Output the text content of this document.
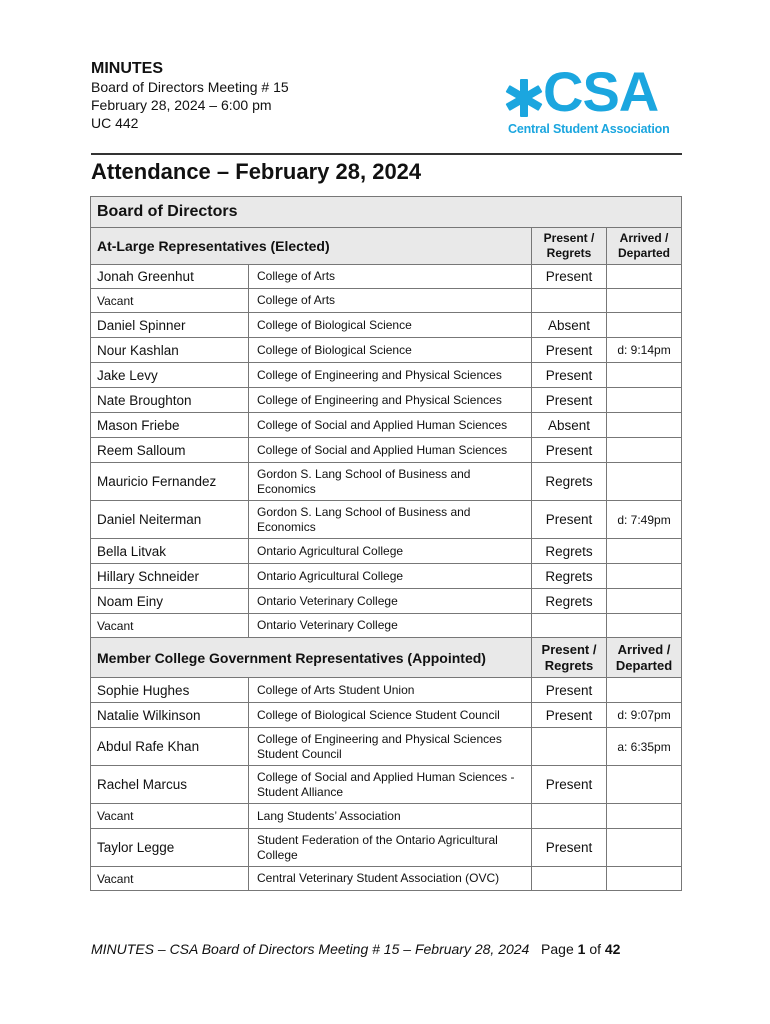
MINUTES
Board of Directors Meeting # 15
February 28, 2024 – 6:00 pm
UC 442	CSA
Central Student Association
Attendance – February 28, 2024
Board of Directors			
At-Large Representatives (Elected)		Present / Regrets	Arrived / Departed
Jonah Greenhut	College of Arts	Present	
Vacant	College of Arts		
Daniel Spinner	College of Biological Science	Absent	
Nour Kashlan	College of Biological Science	Present	d: 9:14pm
Jake Levy	College of Engineering and Physical Sciences	Present	
Nate Broughton	College of Engineering and Physical Sciences	Present	
Mason Friebe	College of Social and Applied Human Sciences	Absent	
Reem Salloum	College of Social and Applied Human Sciences	Present	
Mauricio Fernandez	Gordon S. Lang School of Business and Economics	Regrets	
Daniel Neiterman	Gordon S. Lang School of Business and Economics	Present	d: 7:49pm
Bella Litvak	Ontario Agricultural College	Regrets	
Hillary Schneider	Ontario Agricultural College	Regrets	
Noam Einy	Ontario Veterinary College	Regrets	
Vacant	Ontario Veterinary College		
Member College Government Representatives (Appointed)		Present / Regrets	Arrived / Departed
Sophie Hughes	College of Arts Student Union	Present	
Natalie Wilkinson	College of Biological Science Student Council	Present	d: 9:07pm
Abdul Rafe Khan	College of Engineering and Physical Sciences Student Council		a: 6:35pm
Rachel Marcus	College of Social and Applied Human Sciences -Student Alliance	Present	
Vacant	Lang Students’ Association		
Taylor Legge	Student Federation of the Ontario Agricultural College	Present	
Vacant	Central Veterinary Student Association (OVC)		
MINUTES – CSA Board of Directors Meeting # 15 – February 28, 2024 Page 1 of 42
